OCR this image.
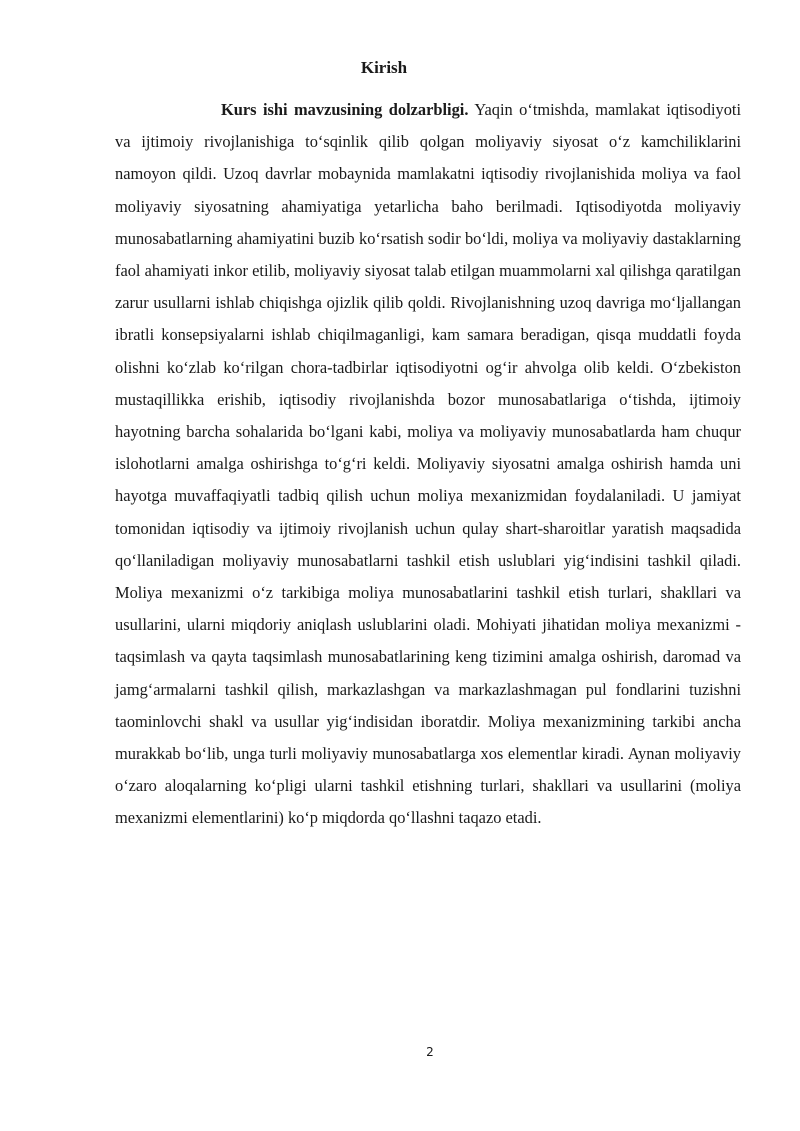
Kirish

Kurs ishi mavzusining dolzarbligi. Yaqin oʻtmishda, mamlakat iqtisodiyoti va ijtimoiy rivojlanishiga toʻsqinlik qilib qolgan moliyaviy siyosat oʻz kamchiliklarini namoyon qildi. Uzoq davrlar mobaynida mamlakatni iqtisodiy rivojlanishida moliya va faol moliyaviy siyosatning ahamiyatiga yetarlicha baho berilmadi. Iqtisodiyotda moliyaviy munosabatlarning ahamiyatini buzib koʻrsatish sodir boʻldi, moliya va moliyaviy dastaklarning faol ahamiyati inkor etilib, moliyaviy siyosat talab etilgan muammolarni xal qilishga qaratilgan zarur usullarni ishlab chiqishga ojizlik qilib qoldi. Rivojlanishning uzoq davriga moʻljallangan ibratli konsepsiyalarni ishlab chiqilmaganligi, kam samara beradigan, qisqa muddatli foyda olishni koʻzlab koʻrilgan chora-tadbirlar iqtisodiyotni ogʻir ahvolga olib keldi. Oʻzbekiston mustaqillikka erishib, iqtisodiy rivojlanishda bozor munosabatlariga oʻtishda, ijtimoiy hayotning barcha sohalarida boʻlgani kabi, moliya va moliyaviy munosabatlarda ham chuqur islohotlarni amalga oshirishga toʻgʻri keldi. Moliyaviy siyosatni amalga oshirish hamda uni hayotga muvaffaqiyatli tadbiq qilish uchun moliya mexanizmidan foydalaniladi. U jamiyat tomonidan iqtisodiy va ijtimoiy rivojlanish uchun qulay shart-sharoitlar yaratish maqsadida qoʻllaniladigan moliyaviy munosabatlarni tashkil etish uslublari yigʻindisini tashkil qiladi. Moliya mexanizmi oʻz tarkibiga moliya munosabatlarini tashkil etish turlari, shakllari va usullarini, ularni miqdoriy aniqlash uslublarini oladi. Mohiyati jihatidan moliya mexanizmi - taqsimlash va qayta taqsimlash munosabatlarining keng tizimini amalga oshirish, daromad va jamgʻarmalarni tashkil qilish, markazlashgan va markazlashmagan pul fondlarini tuzishni taominlovchi shakl va usullar yigʻindisidan iboratdir. Moliya mexanizmining tarkibi ancha murakkab boʻlib, unga turli moliyaviy munosabatlarga xos elementlar kiradi. Aynan moliyaviy oʻzaro aloqalarning koʻpligi ularni tashkil etishning turlari, shakllari va usullarini (moliya mexanizmi elementlarini) koʻp miqdorda qoʻllashni taqazo etadi.

2
